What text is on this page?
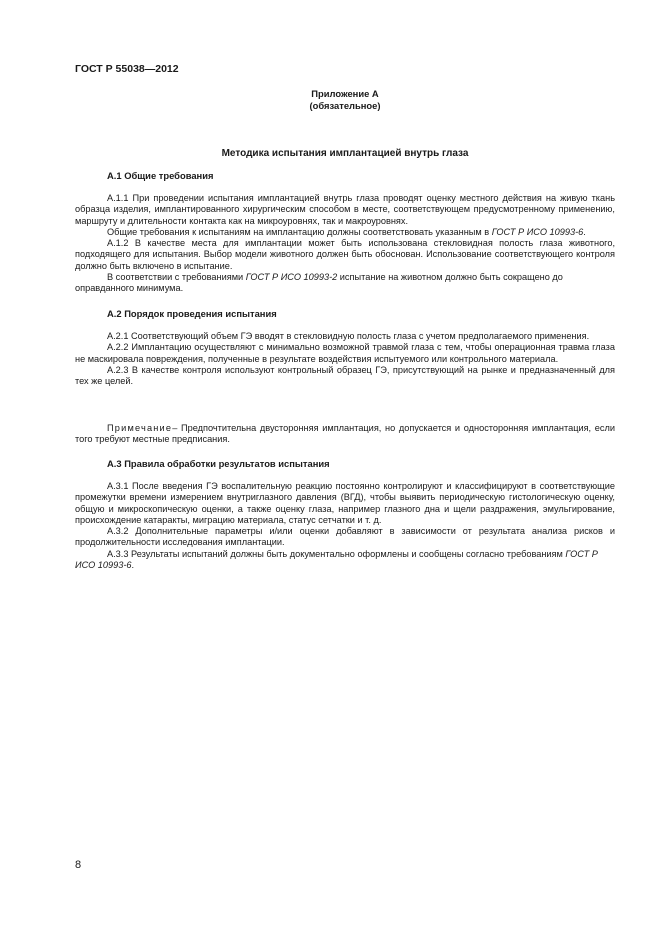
ГОСТ Р 55038—2012
Приложение А
(обязательное)
Методика испытания имплантацией внутрь глаза
А.1 Общие требования

А.1.1 При проведении испытания имплантацией внутрь глаза проводят оценку местного действия на живую ткань образца изделия, имплантированного хирургическим способом в месте, соответствующем предусмотренному применению, маршруту и длительности контакта как на микроуровнях, так и макроуровнях.

Общие требования к испытаниям на имплантацию должны соответствовать указанным в ГОСТ Р ИСО 10993-6.

А.1.2 В качестве места для имплантации может быть использована стекловидная полость глаза животного, подходящего для испытания. Выбор модели животного должен быть обоснован. Использование соответствующего контроля должно быть включено в испытание.

В соответствии с требованиями ГОСТ Р ИСО 10993-2 испытание на животном должно быть сокращено до оправданного минимума.

А.2 Порядок проведения испытания

А.2.1 Соответствующий объем ГЭ вводят в стекловидную полость глаза с учетом предполагаемого применения.

А.2.2 Имплантацию осуществляют с минимально возможной травмой глаза с тем, чтобы операционная травма глаза не маскировала повреждения, полученные в результате воздействия испытуемого или контрольного материала.

А.2.3 В качестве контроля используют контрольный образец ГЭ, присутствующий на рынке и предназначенный для тех же целей.

Примечание– Предпочтительна двусторонняя имплантация, но допускается и односторонняя имплантация, если того требуют местные предписания.

А.3 Правила обработки результатов испытания

А.3.1 После введения ГЭ воспалительную реакцию постоянно контролируют и классифицируют в соответствующие промежутки времени измерением внутриглазного давления (ВГД), чтобы выявить периодическую гистологическую оценку, общую и микроскопическую оценки, а также оценку глаза, например глазного дна и щели раздражения, эмульгирование, происхождение катаракты, миграцию материала, статус сетчатки и т. д.

А.3.2 Дополнительные параметры и/или оценки добавляют в зависимости от результата анализа рисков и продолжительности исследования имплантации.

А.3.3 Результаты испытаний должны быть документально оформлены и сообщены согласно требованиям ГОСТ Р ИСО 10993-6.

8
